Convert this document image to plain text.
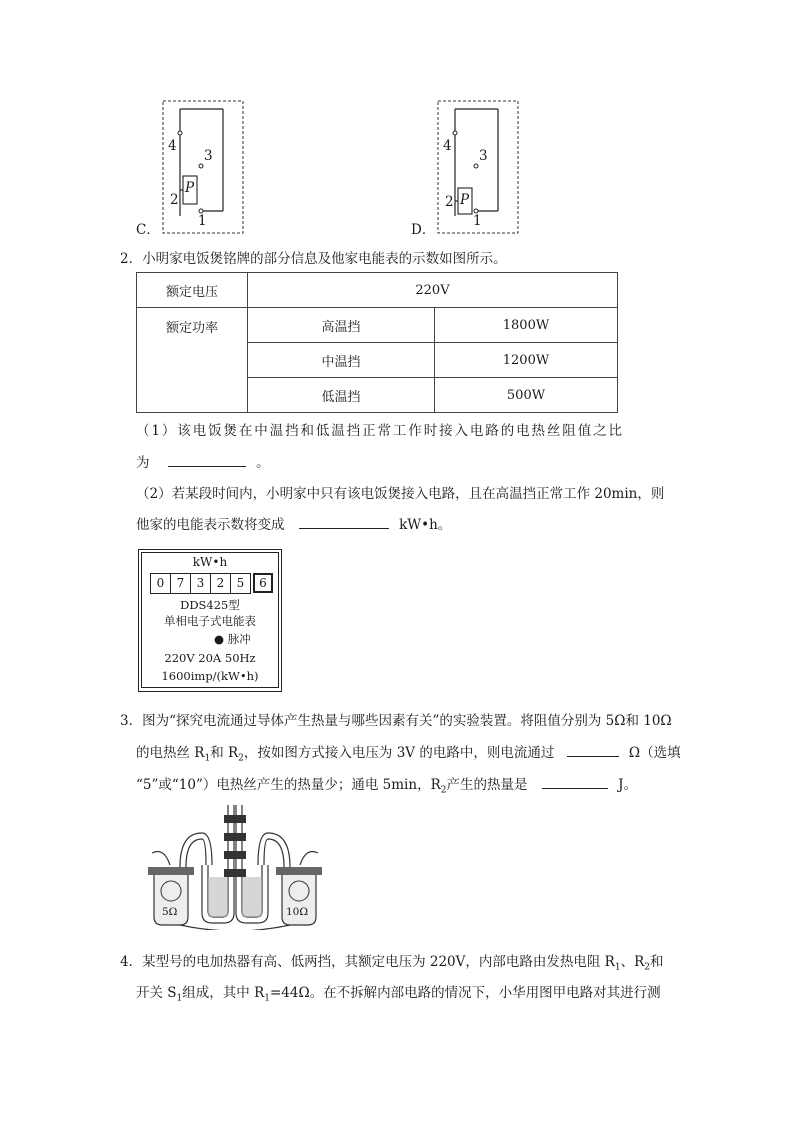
4
3
2
1
P
C．
4
3
2
1
P
D．
2．小明家电饭煲铭牌的部分信息及他家电能表的示数如图所示。
额定电压	220V	
额定功率	高温挡	1800W
	中温挡	1200W
	低温挡	500W
（1）该电饭煲在中温挡和低温挡正常工作时接入电路的电热丝阻值之比
为	。
（2）若某段时间内，小明家中只有该电饭煲接入电路，且在高温挡正常工作 20min，则
他家的电能表示数将变成	kW•h。
kW•h
0	7	3	2	5	6
DDS425型
单相电子式电能表
● 脉冲
220V 20A 50Hz
1600imp/(kW•h)
3．图为“探究电流通过导体产生热量与哪些因素有关”的实验装置。将阻值分别为 5Ω和 10Ω
的电热丝 $R_1$和 $R_2$，按如图方式接入电压为 3V 的电路中，则电流通过	Ω（选填
“5”或“10”）电热丝产生的热量少；通电 5min，$R_2$产生的热量是	J。
5Ω	10Ω
4．某型号的电加热器有高、低两挡，其额定电压为 220V，内部电路由发热电阻 $R_1$、$R_2$和
开关 $S_1$组成，其中 $R_1=44\Omega$。在不拆解内部电路的情况下，小华用图甲电路对其进行测
